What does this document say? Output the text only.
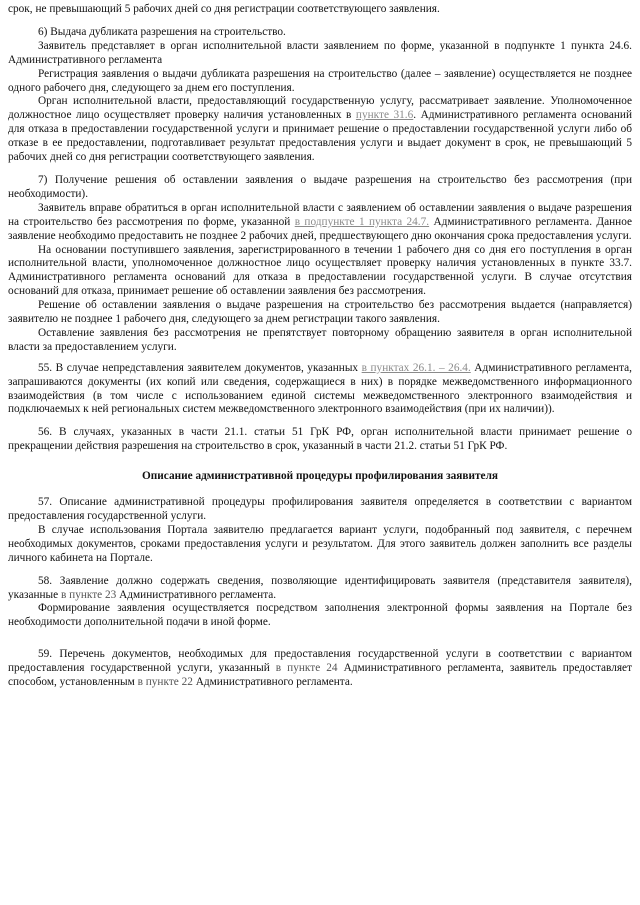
срок, не превышающий 5 рабочих дней со дня регистрации соответствующего заявления.

6) Выдача дубликата разрешения на строительство.

Заявитель представляет в орган исполнительной власти заявлением по форме, указанной в подпункте 1 пункта 24.6. Административного регламента

Регистрация заявления о выдачи дубликата разрешения на строительство (далее – заявление) осуществляется не позднее одного рабочего дня, следующего за днем его поступления.

Орган исполнительной власти, предоставляющий государственную услугу, рассматривает заявление. Уполномоченное должностное лицо осуществляет проверку наличия установленных в пункте 31.6. Административного регламента оснований для отказа в предоставлении государственной услуги и принимает решение о предоставлении государственной услуги либо об отказе в ее предоставлении, подготавливает результат предоставления услуги и выдает документ в срок, не превышающий 5 рабочих дней со дня регистрации соответствующего заявления.

7) Получение решения об оставлении заявления о выдаче разрешения на строительство без рассмотрения (при необходимости).

Заявитель вправе обратиться в орган исполнительной власти с заявлением об оставлении заявления о выдаче разрешения на строительство без рассмотрения по форме, указанной в подпункте 1 пункта 24.7. Административного регламента. Данное заявление необходимо предоставить не позднее 2 рабочих дней, предшествующего дню окончания срока предоставления услуги.

На основании поступившего заявления, зарегистрированного в течении 1 рабочего дня со дня его поступления в орган исполнительной власти, уполномоченное должностное лицо осуществляет проверку наличия установленных в пункте 33.7. Административного регламента оснований для отказа в предоставлении государственной услуги. В случае отсутствия оснований для отказа, принимает решение об оставлении заявления без рассмотрения.

Решение об оставлении заявления о выдаче разрешения на строительство без рассмотрения выдается (направляется) заявителю не позднее 1 рабочего дня, следующего за днем регистрации такого заявления.

Оставление заявления без рассмотрения не препятствует повторному обращению заявителя в орган исполнительной власти за предоставлением услуги.

55. В случае непредставления заявителем документов, указанных в пунктах 26.1. – 26.4. Административного регламента, запрашиваются документы (их копий или сведения, содержащиеся в них) в порядке межведомственного информационного взаимодействия (в том числе с использованием единой системы межведомственного электронного взаимодействия и подключаемых к ней региональных систем межведомственного электронного взаимодействия (при их наличии)).

56. В случаях, указанных в части 21.1. статьи 51 ГрК РФ, орган исполнительной власти принимает решение о прекращении действия разрешения на строительство в срок, указанный в части 21.2. статьи 51 ГрК РФ.

Описание административной процедуры профилирования заявителя

57. Описание административной процедуры профилирования заявителя определяется в соответствии с вариантом предоставления государственной услуги.

В случае использования Портала заявителю предлагается вариант услуги, подобранный под заявителя, с перечнем необходимых документов, сроками предоставления услуги и результатом. Для этого заявитель должен заполнить все разделы личного кабинета на Портале.

58. Заявление должно содержать сведения, позволяющие идентифицировать заявителя (представителя заявителя), указанные в пункте 23 Административного регламента.

Формирование заявления осуществляется посредством заполнения электронной формы заявления на Портале без необходимости дополнительной подачи в иной форме.

59. Перечень документов, необходимых для предоставления государственной услуги в соответствии с вариантом предоставления государственной услуги, указанный в пункте 24 Административного регламента, заявитель предоставляет способом, установленным в пункте 22 Административного регламента.
